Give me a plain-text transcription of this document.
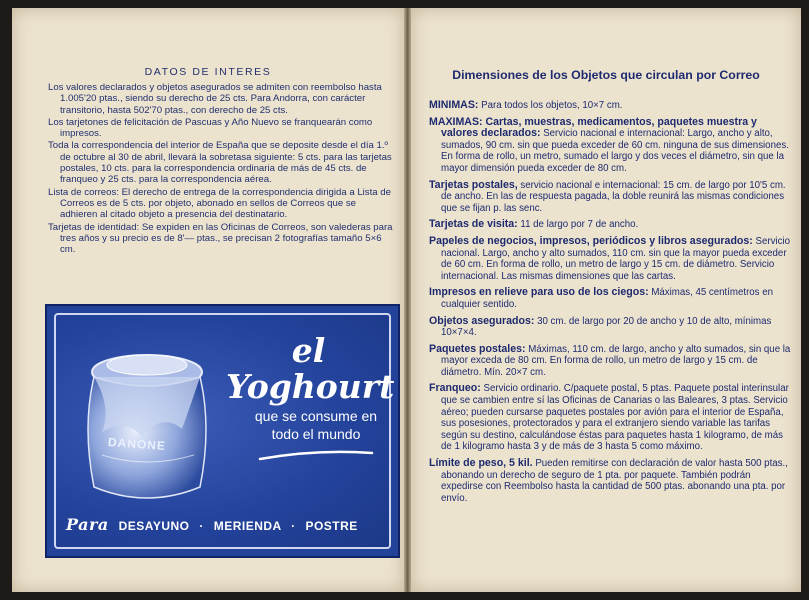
DATOS DE INTERES

Los valores declarados y objetos asegurados se admiten con reembolso hasta 1.005'20 ptas., siendo su derecho de 25 cts. Para Andorra, con carácter transitorio, hasta 502'70 ptas., con derecho de 25 cts.

Los tarjetones de felicitación de Pascuas y Año Nuevo se franquearán como impresos.

Toda la correspondencia del interior de España que se deposite desde el día 1.º de octubre al 30 de abril, llevará la sobretasa siguiente: 5 cts. para las tarjetas postales, 10 cts. para la correspondencia ordinaria de más de 45 cts. de franqueo y 25 cts. para la correspondencia aérea.

Lista de correos: El derecho de entrega de la correspondencia dirigida a Lista de Correos es de 5 cts. por objeto, abonado en sellos de Correos que se adhieren al citado objeto a presencia del destinatario.

Tarjetas de identidad: Se expiden en las Oficinas de Correos, son valederas para tres años y su precio es de 8'— ptas., se precisan 2 fotografías tamaño 5×6 cm.

DANONE
el Yoghourt
que se consume en todo el mundo
Para DESAYUNO · MERIENDA · POSTRE
Dimensiones de los Objetos que circulan por Correo

MINIMAS: Para todos los objetos, 10×7 cm.

MAXIMAS: Cartas, muestras, medicamentos, paquetes muestra y valores declarados: Servicio nacional e internacional: Largo, ancho y alto, sumados, 90 cm. sin que pueda exceder de 60 cm. ninguna de sus dimensiones. En forma de rollo, un metro, sumado el largo y dos veces el diámetro, sin que la mayor dimensión pueda exceder de 80 cm.

Tarjetas postales, servicio nacional e internacional: 15 cm. de largo por 10'5 cm. de ancho. En las de respuesta pagada, la doble reunirá las mismas condiciones que se fijan p. las senc.

Tarjetas de visita: 11 de largo por 7 de ancho.

Papeles de negocios, impresos, periódicos y libros asegurados: Servicio nacional. Largo, ancho y alto sumados, 110 cm. sin que la mayor pueda exceder de 60 cm. En forma de rollo, un metro de largo y 15 cm. de diámetro. Servicio internacional. Las mismas dimensiones que las cartas.

Impresos en relieve para uso de los ciegos: Máximas, 45 centímetros en cualquier sentido.

Objetos asegurados: 30 cm. de largo por 20 de ancho y 10 de alto, mínimas 10×7×4.

Paquetes postales: Máximas, 110 cm. de largo, ancho y alto sumados, sin que la mayor exceda de 80 cm. En forma de rollo, un metro de largo y 15 cm. de diámetro. Mín. 20×7 cm.

Franqueo: Servicio ordinario. C/paquete postal, 5 ptas. Paquete postal interinsular que se cambien entre sí las Oficinas de Canarias o las Baleares, 3 ptas. Servicio aéreo; pueden cursarse paquetes postales por avión para el interior de España, sus posesiones, protectorados y para el extranjero siendo variable las tarifas según su destino, calculándose éstas para paquetes hasta 1 kilogramo, de más de 1 kilogramo hasta 3 y de más de 3 hasta 5 como máximo.

Límite de peso, 5 kil. Pueden remitirse con declaración de valor hasta 500 ptas., abonando un derecho de seguro de 1 pta. por paquete. También podrán expedirse con Reembolso hasta la cantidad de 500 ptas. abonando una pta. por envío.
